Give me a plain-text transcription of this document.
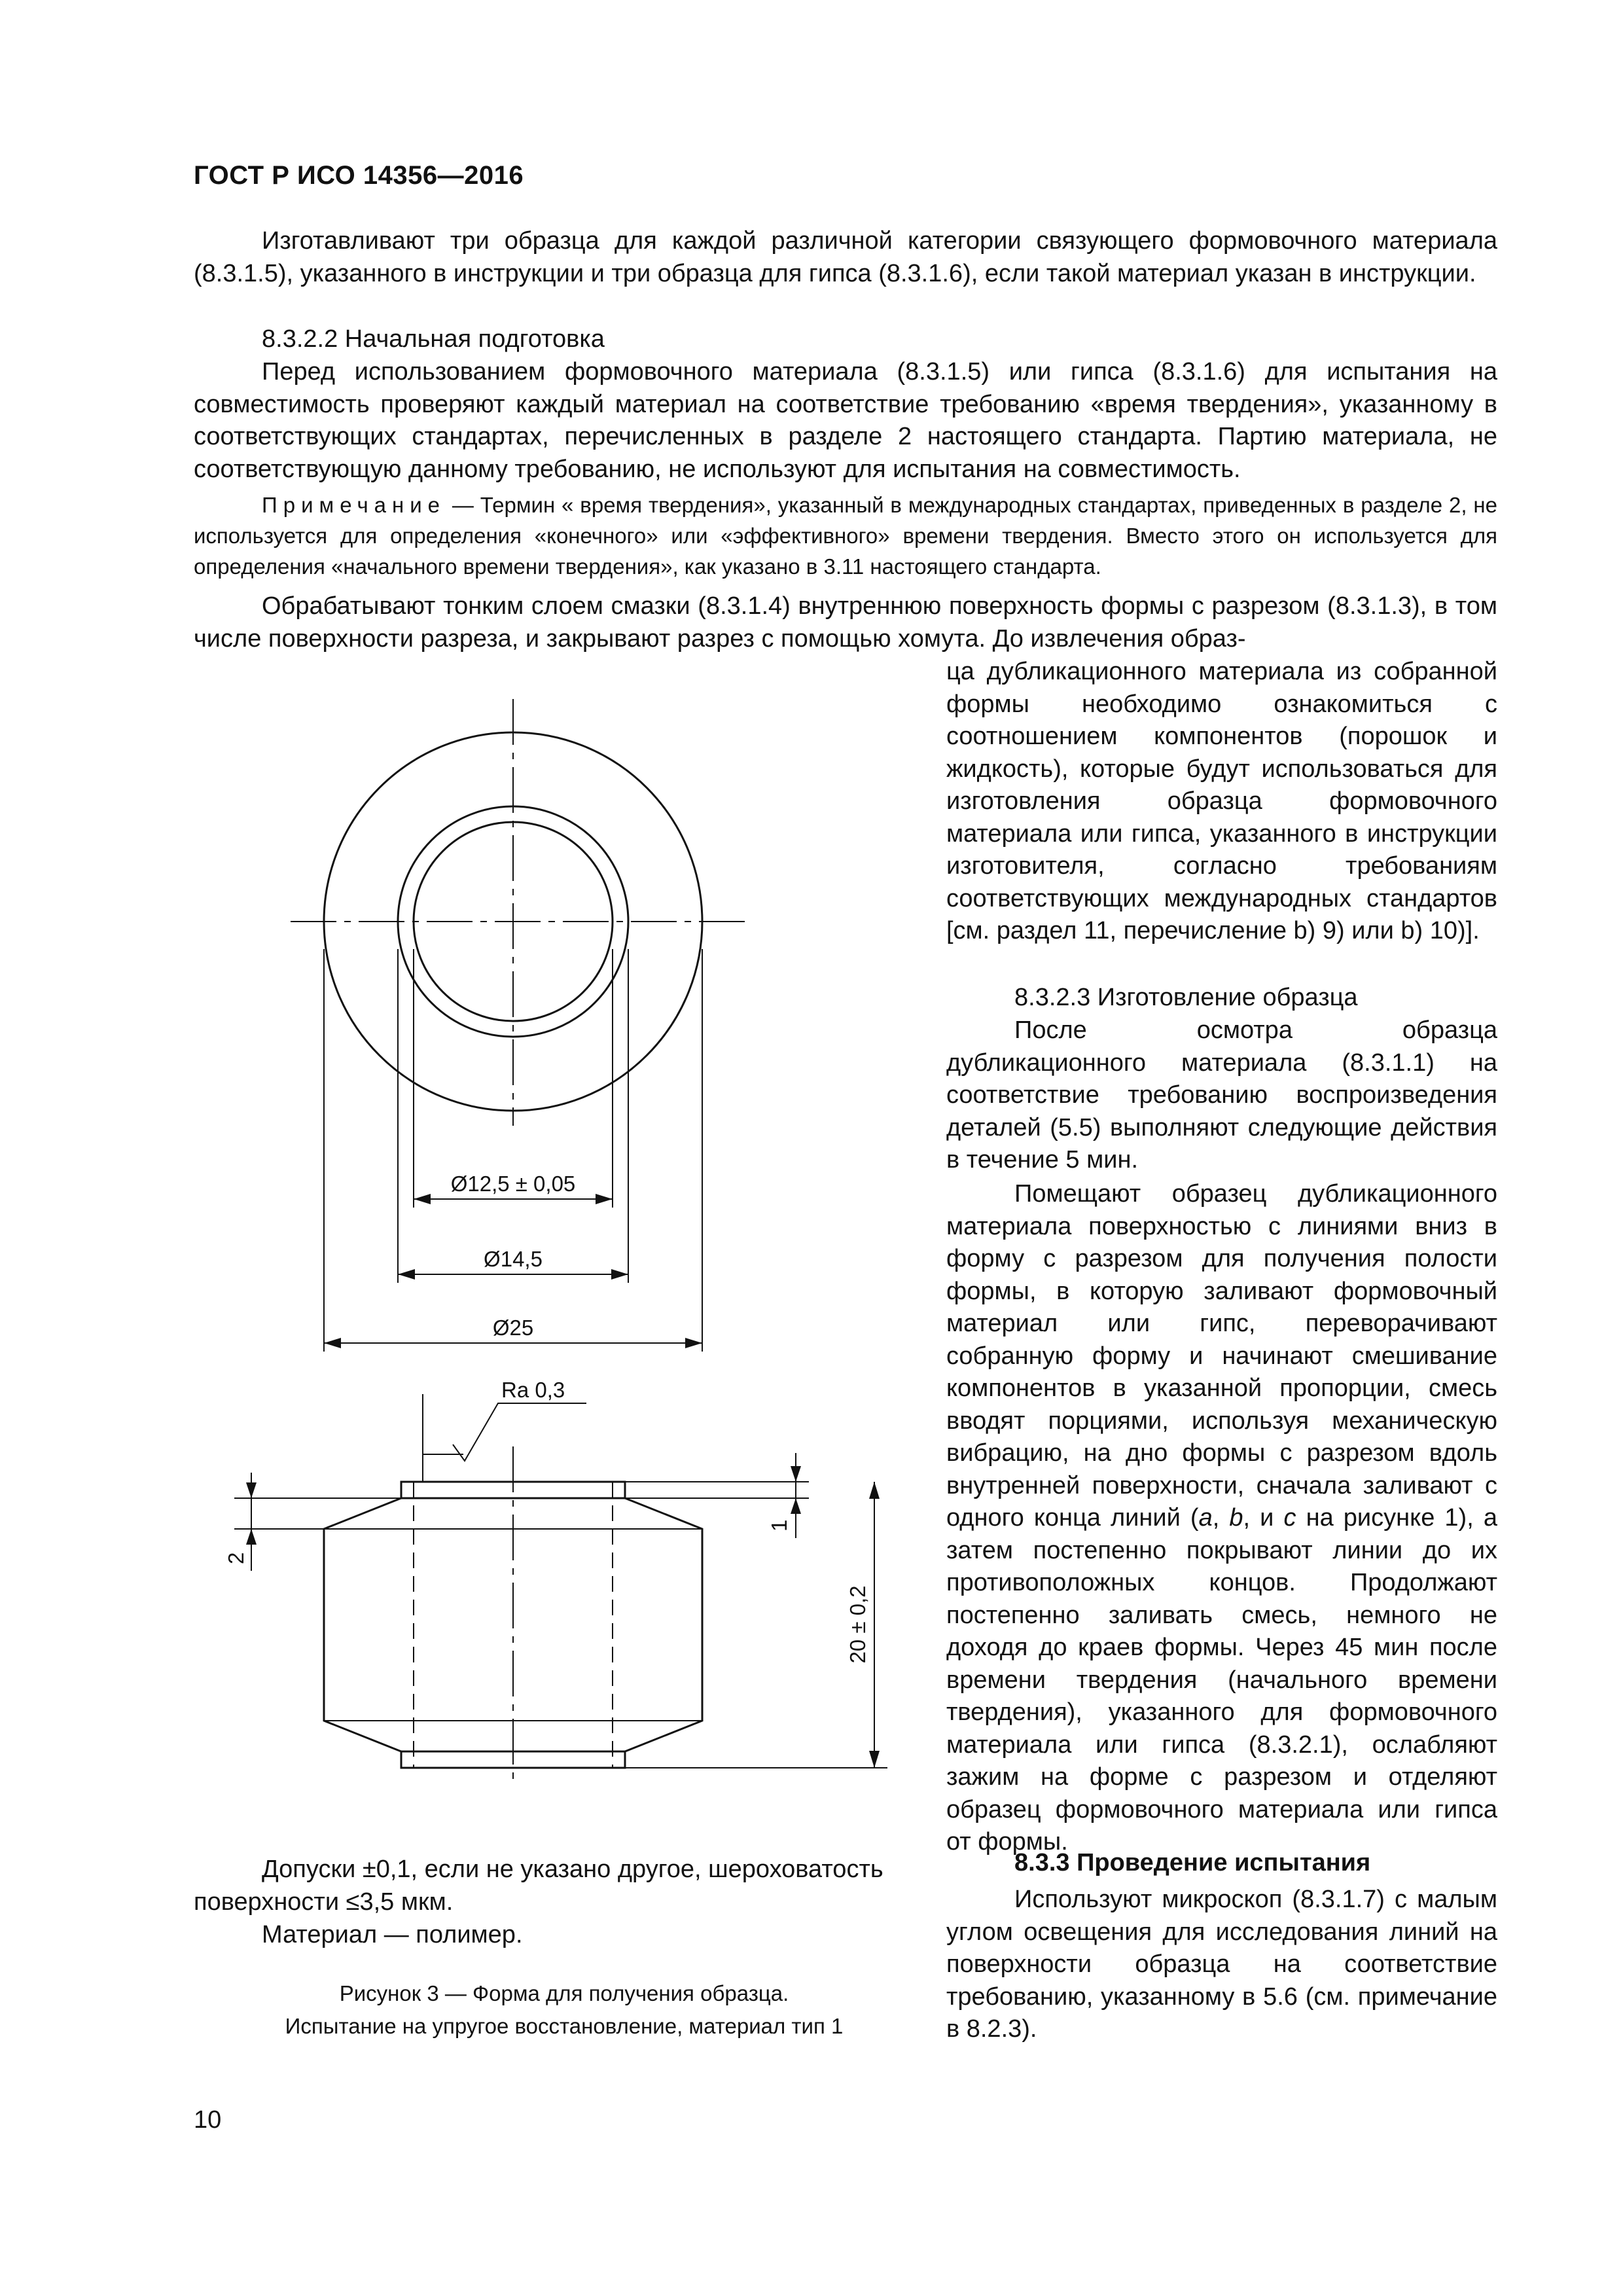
ГОСТ Р ИСО 14356—2016

Изготавливают три образца для каждой различной категории связующего формовочного материала (8.3.1.5), указанного в инструкции и три образца для гипса (8.3.1.6), если такой материал указан в инструкции.

8.3.2.2 Начальная подготовка

Перед использованием формовочного материала (8.3.1.5) или гипса (8.3.1.6) для испытания на совместимость проверяют каждый материал на соответствие требованию «время твердения», указанному в соответствующих стандартах, перечисленных в разделе 2 настоящего стандарта. Партию материала, не соответствующую данному требованию, не используют для испытания на совместимость.

Примечание — Термин « время твердения», указанный в международных стандартах, приведенных в разделе 2, не используется для определения «конечного» или «эффективного» времени твердения. Вместо этого он используется для определения «начального времени твердения», как указано в 3.11 настоящего стандарта.

Обрабатывают тонким слоем смазки (8.3.1.4) внутреннюю поверхность формы с разрезом (8.3.1.3), в том числе поверхности разреза, и закрывают разрез с помощью хомута. До извлечения образ-

ца дубликационного материала из собранной формы необходимо ознакомиться с соотношением компонентов (порошок и жидкость), которые будут использоваться для изготовления образца формовочного материала или гипса, указанного в инструкции изготовителя, согласно требованиям соответствующих международных стандартов [см. раздел 11, перечисление b) 9) или b) 10)].

8.3.2.3 Изготовление образца

После осмотра образца дубликационного материала (8.3.1.1) на соответствие требованию воспроизведения деталей (5.5) выполняют следующие действия в течение 5 мин.

Помещают образец дубликационного материала поверхностью с линиями вниз в форму с разрезом для получения полости формы, в которую заливают формовочный материал или гипс, переворачивают собранную форму и начинают смешивание компонентов в указанной пропорции, смесь вводят порциями, используя механическую вибрацию, на дно формы с разрезом вдоль внутренней поверхности, сначала заливают с одного конца линий (a, b, и c на рисунке 1), а затем постепенно покрывают линии до их противоположных концов. Продолжают постепенно заливать смесь, немного не доходя до краев формы. Через 45 мин после времени твердения (начального времени твердения), указанного для формовочного материала или гипса (8.3.2.1), ослабляют зажим на форме с разрезом и отделяют образец формовочного материала или гипса от формы.

8.3.3 Проведение испытания

Используют микроскоп (8.3.1.7) с малым углом освещения для исследования линий на поверхности образца на соответствие требованию, указанному в 5.6 (см. примечание в 8.2.3).

Ø12,5 ± 0,05
Ø14,5
Ø25
Ra 0,3
2
1
20 ± 0,2

Допуски ±0,1, если не указано другое, шероховатость поверхности ≤3,5 мкм.

Материал — полимер.

Рисунок 3 — Форма для получения образца.
Испытание на упругое восстановление, материал тип 1
10
